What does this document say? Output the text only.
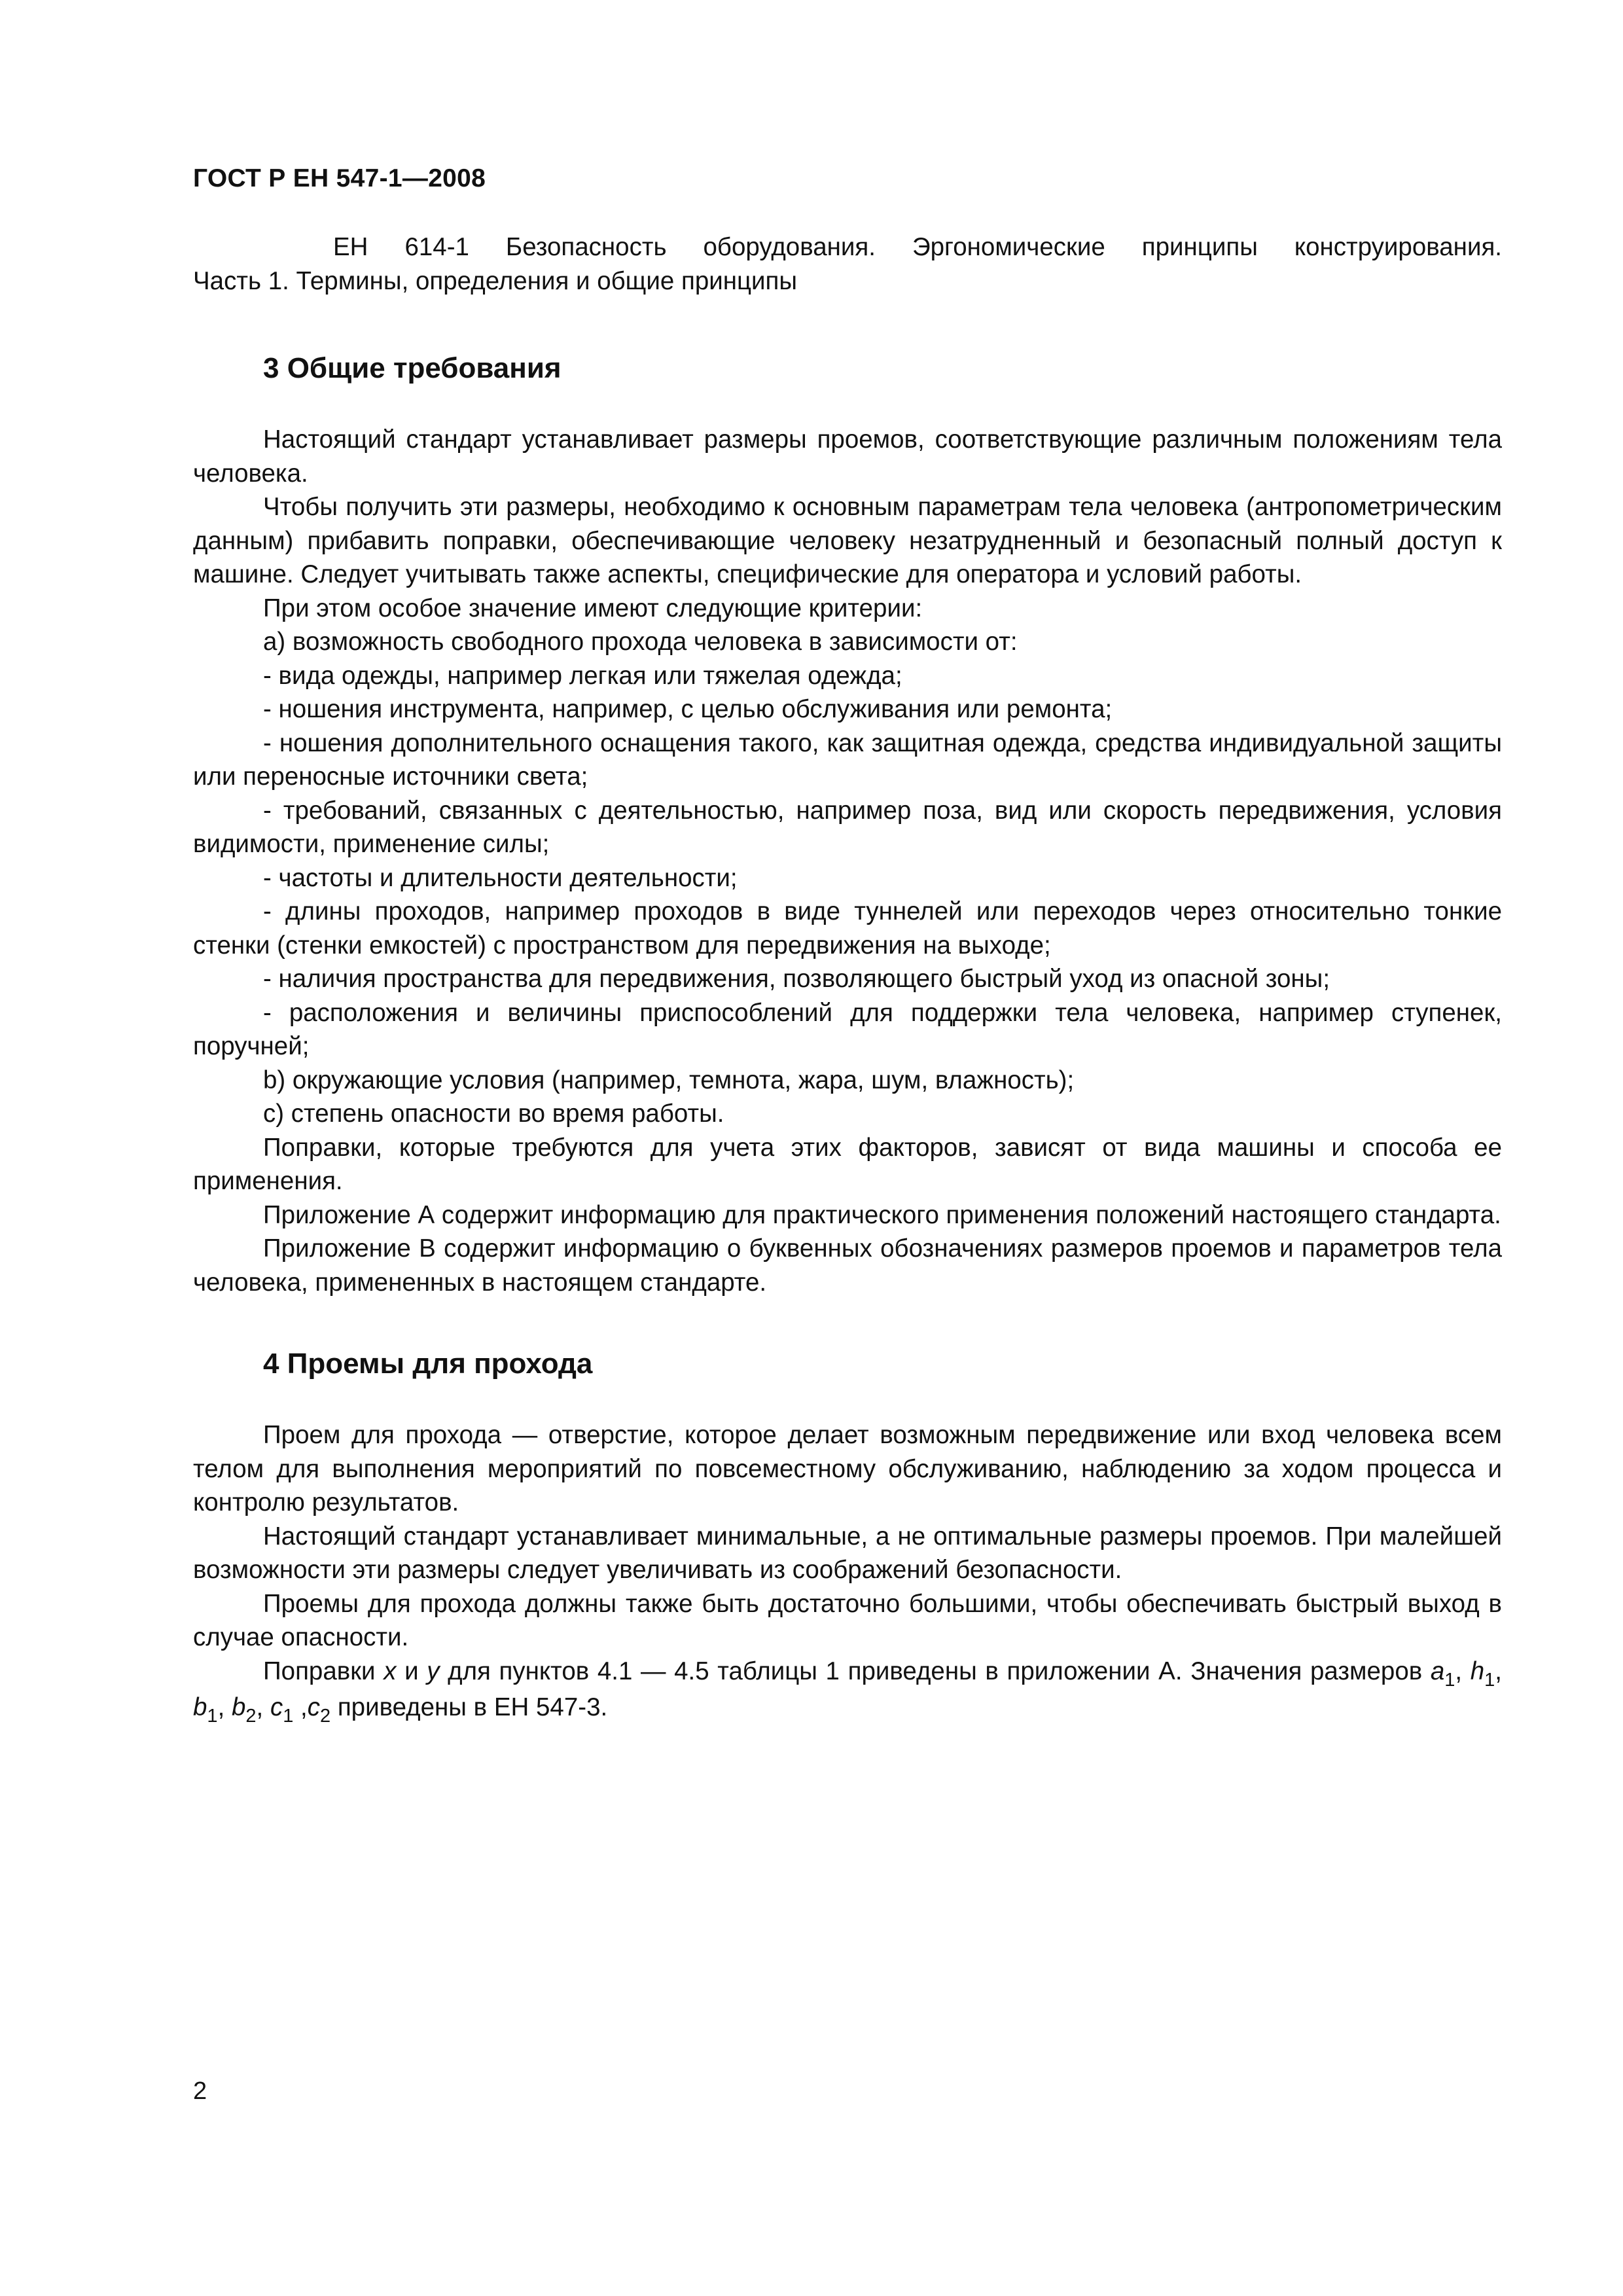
ГОСТ Р ЕН 547-1—2008

ЕН 614-1 Безопасность оборудования. Эргономические принципы конструирования.
Часть 1. Термины, определения и общие принципы

3 Общие требования

Настоящий стандарт устанавливает размеры проемов, соответствующие различным положениям тела человека.

Чтобы получить эти размеры, необходимо к основным параметрам тела человека (антропометрическим данным) прибавить поправки, обеспечивающие человеку незатрудненный и безопасный полный доступ к машине. Следует учитывать также аспекты, специфические для оператора и условий работы.

При этом особое значение имеют следующие критерии:

a) возможность свободного прохода человека в зависимости от:

- вида одежды, например легкая или тяжелая одежда;

- ношения инструмента, например, с целью обслуживания или ремонта;

- ношения дополнительного оснащения такого, как защитная одежда, средства индивидуальной защиты или переносные источники света;

- требований, связанных с деятельностью, например поза, вид или скорость передвижения, условия видимости, применение силы;

- частоты и длительности деятельности;

- длины проходов, например проходов в виде туннелей или переходов через относительно тонкие стенки (стенки емкостей) с пространством для передвижения на выходе;

- наличия пространства для передвижения, позволяющего быстрый уход из опасной зоны;

- расположения и величины приспособлений для поддержки тела человека, например ступенек, поручней;

b) окружающие условия (например, темнота, жара, шум, влажность);

c) степень опасности во время работы.

Поправки, которые требуются для учета этих факторов, зависят от вида машины и способа ее применения.

Приложение А содержит информацию для практического применения положений настоящего стандарта.

Приложение В содержит информацию о буквенных обозначениях размеров проемов и параметров тела человека, примененных в настоящем стандарте.

4 Проемы для прохода

Проем для прохода — отверстие, которое делает возможным передвижение или вход человека всем телом для выполнения мероприятий по повсеместному обслуживанию, наблюдению за ходом процесса и контролю результатов.

Настоящий стандарт устанавливает минимальные, а не оптимальные размеры проемов. При малейшей возможности эти размеры следует увеличивать из соображений безопасности.

Проемы для прохода должны также быть достаточно большими, чтобы обеспечивать быстрый выход в случае опасности.

Поправки x и y для пунктов 4.1 — 4.5 таблицы 1 приведены в приложении А. Значения размеров $a_1$, $h_1$, $b_1$, $b_2$, $c_1$ $,c_2$ приведены в ЕН 547-3.

2
